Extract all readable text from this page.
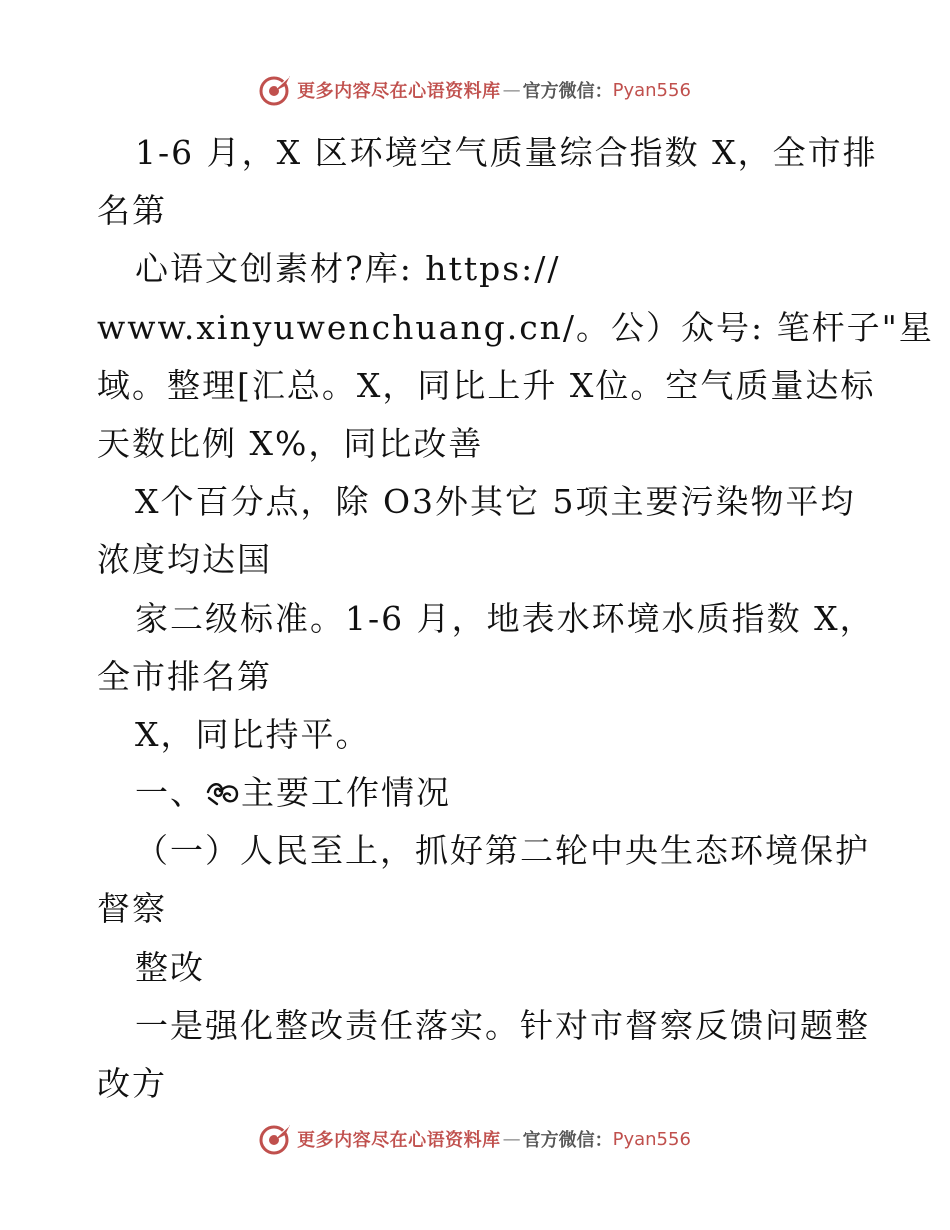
更多内容尽在心语资料库 — 官方微信： Pyan556
1-6 月，X 区环境空气质量综合指数 X，全市排
名第
心语文创素材?库: https://
www.xinyuwenchuang.cn/。公）众号: 笔杆子"星
域。整理[汇总。X，同比上升 X位。空气质量达标
天数比例 X%，同比改善
X个百分点，除 O3外其它 5项主要污染物平均
浓度均达国
家二级标准。1-6 月，地表水环境水质指数 X，
全市排名第
X，同比持平。
一、 主要工作情况
（一）人民至上，抓好第二轮中央生态环境保护
督察
整改
一是强化整改责任落实。针对市督察反馈问题整
改方
更多内容尽在心语资料库 — 官方微信： Pyan556
